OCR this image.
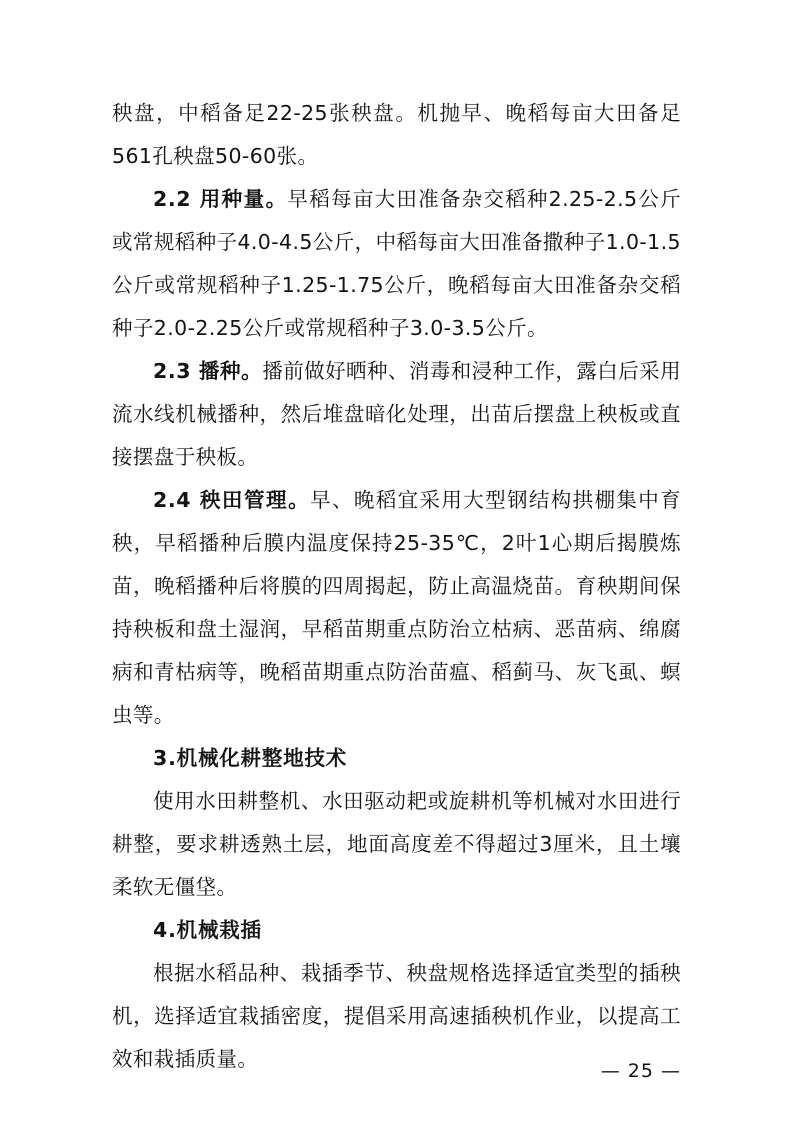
秧盘，中稻备足22-25张秧盘。机抛早、晚稻每亩大田备足561孔秧盘50-60张。

2.2 用种量。早稻每亩大田准备杂交稻种2.25-2.5公斤或常规稻种子4.0-4.5公斤，中稻每亩大田准备撒种子1.0-1.5公斤或常规稻种子1.25-1.75公斤，晚稻每亩大田准备杂交稻种子2.0-2.25公斤或常规稻种子3.0-3.5公斤。

2.3 播种。播前做好晒种、消毒和浸种工作，露白后采用流水线机械播种，然后堆盘暗化处理，出苗后摆盘上秧板或直接摆盘于秧板。

2.4 秧田管理。早、晚稻宜采用大型钢结构拱棚集中育秧，早稻播种后膜内温度保持25-35℃，2叶1心期后揭膜炼苗，晚稻播种后将膜的四周揭起，防止高温烧苗。育秧期间保持秧板和盘土湿润，早稻苗期重点防治立枯病、恶苗病、绵腐病和青枯病等，晚稻苗期重点防治苗瘟、稻蓟马、灰飞虱、螟虫等。

3.机械化耕整地技术

使用水田耕整机、水田驱动耙或旋耕机等机械对水田进行耕整，要求耕透熟土层，地面高度差不得超过3厘米，且土壤柔软无僵垡。

4.机械栽插

根据水稻品种、栽插季节、秧盘规格选择适宜类型的插秧机，选择适宜栽插密度，提倡采用高速插秧机作业，以提高工效和栽插质量。	— 25 —
